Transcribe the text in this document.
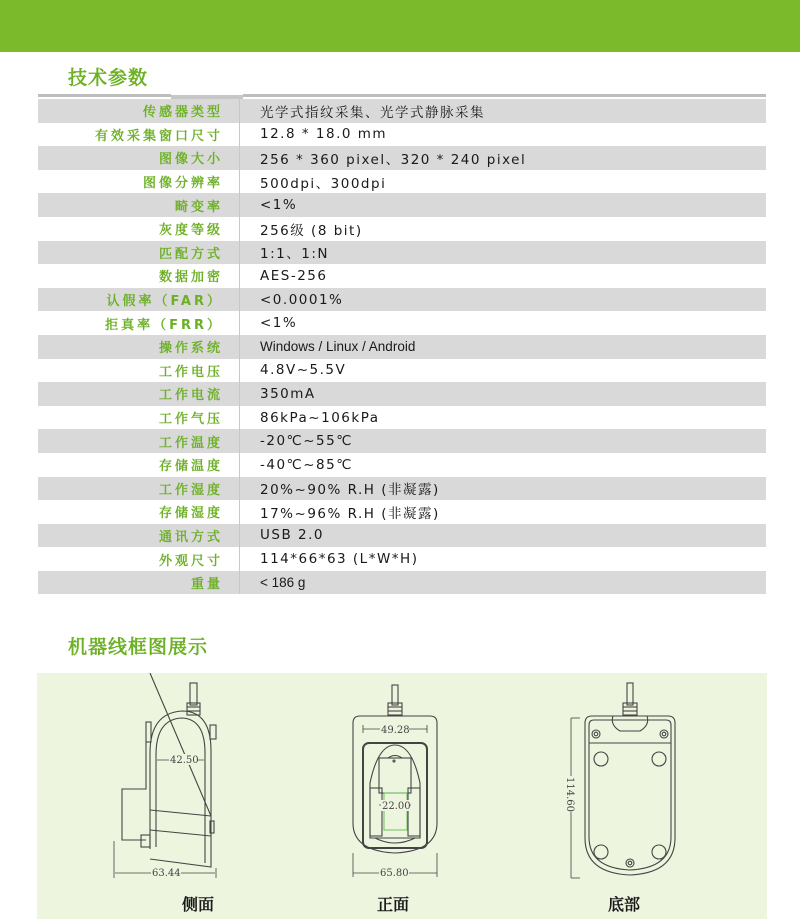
技术参数
传感器类型	光学式指纹采集、光学式静脉采集
有效采集窗口尺寸	12.8 * 18.0 mm
图像大小	256 * 360 pixel、320 * 240 pixel
图像分辨率	500dpi、300dpi
畸变率	<1%
灰度等级	256级 (8 bit)
匹配方式	1:1、1:N
数据加密	AES-256
认假率（FAR）	<0.0001%
拒真率（FRR）	<1%
操作系统	Windows / Linux / Android
工作电压	4.8V~5.5V
工作电流	350mA
工作气压	86kPa~106kPa
工作温度	-20℃~55℃
存储温度	-40℃~85℃
工作湿度	20%~90% R.H (非凝露)
存储湿度	17%~96% R.H (非凝露)
通讯方式	USB 2.0
外观尺寸	114*66*63 (L*W*H)
重量	< 186 g
机器线框图展示
42.50
63.44
侧面
49.28
22.00
65.80
正面
114.60
底部
